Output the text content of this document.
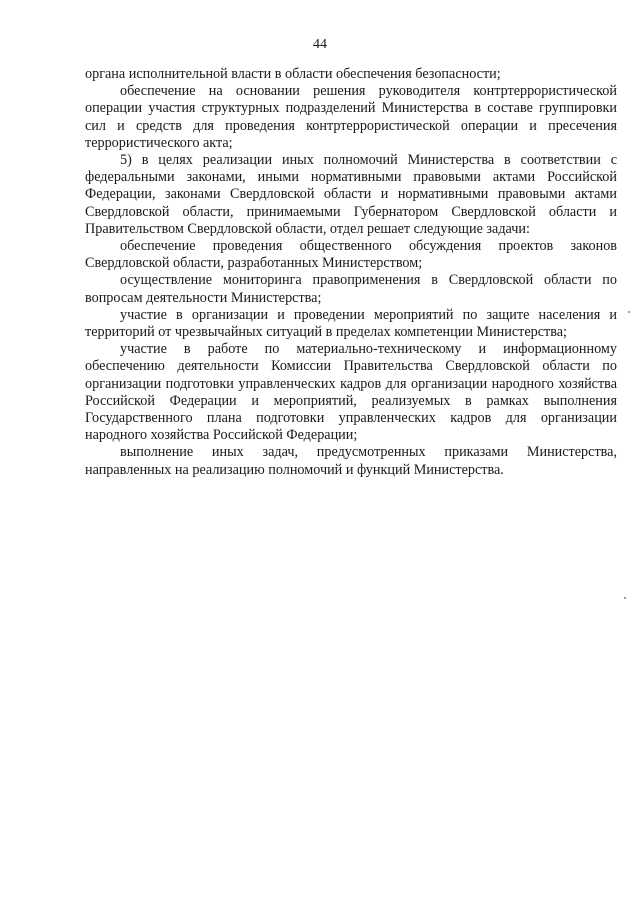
44

органа исполнительной власти в области обеспечения безопасности;

обеспечение на основании решения руководителя контртеррористической операции участия структурных подразделений Министерства в составе группировки сил и средств для проведения контртеррористической операции и пресечения террористического акта;

5) в целях реализации иных полномочий Министерства в соответствии с федеральными законами, иными нормативными правовыми актами Российской Федерации, законами Свердловской области и нормативными правовыми актами Свердловской области, принимаемыми Губернатором Свердловской области и Правительством Свердловской области, отдел решает следующие задачи:

обеспечение проведения общественного обсуждения проектов законов Свердловской области, разработанных Министерством;

осуществление мониторинга правоприменения в Свердловской области по вопросам деятельности Министерства;

участие в организации и проведении мероприятий по защите населения и территорий от чрезвычайных ситуаций в пределах компетенции Министерства;

участие в работе по материально-техническому и информационному обеспечению деятельности Комиссии Правительства Свердловской области по организации подготовки управленческих кадров для организации народного хозяйства Российской Федерации и мероприятий, реализуемых в рамках выполнения Государственного плана подготовки управленческих кадров для организации народного хозяйства Российской Федерации;

выполнение иных задач, предусмотренных приказами Министерства, направленных на реализацию полномочий и функций Министерства.
